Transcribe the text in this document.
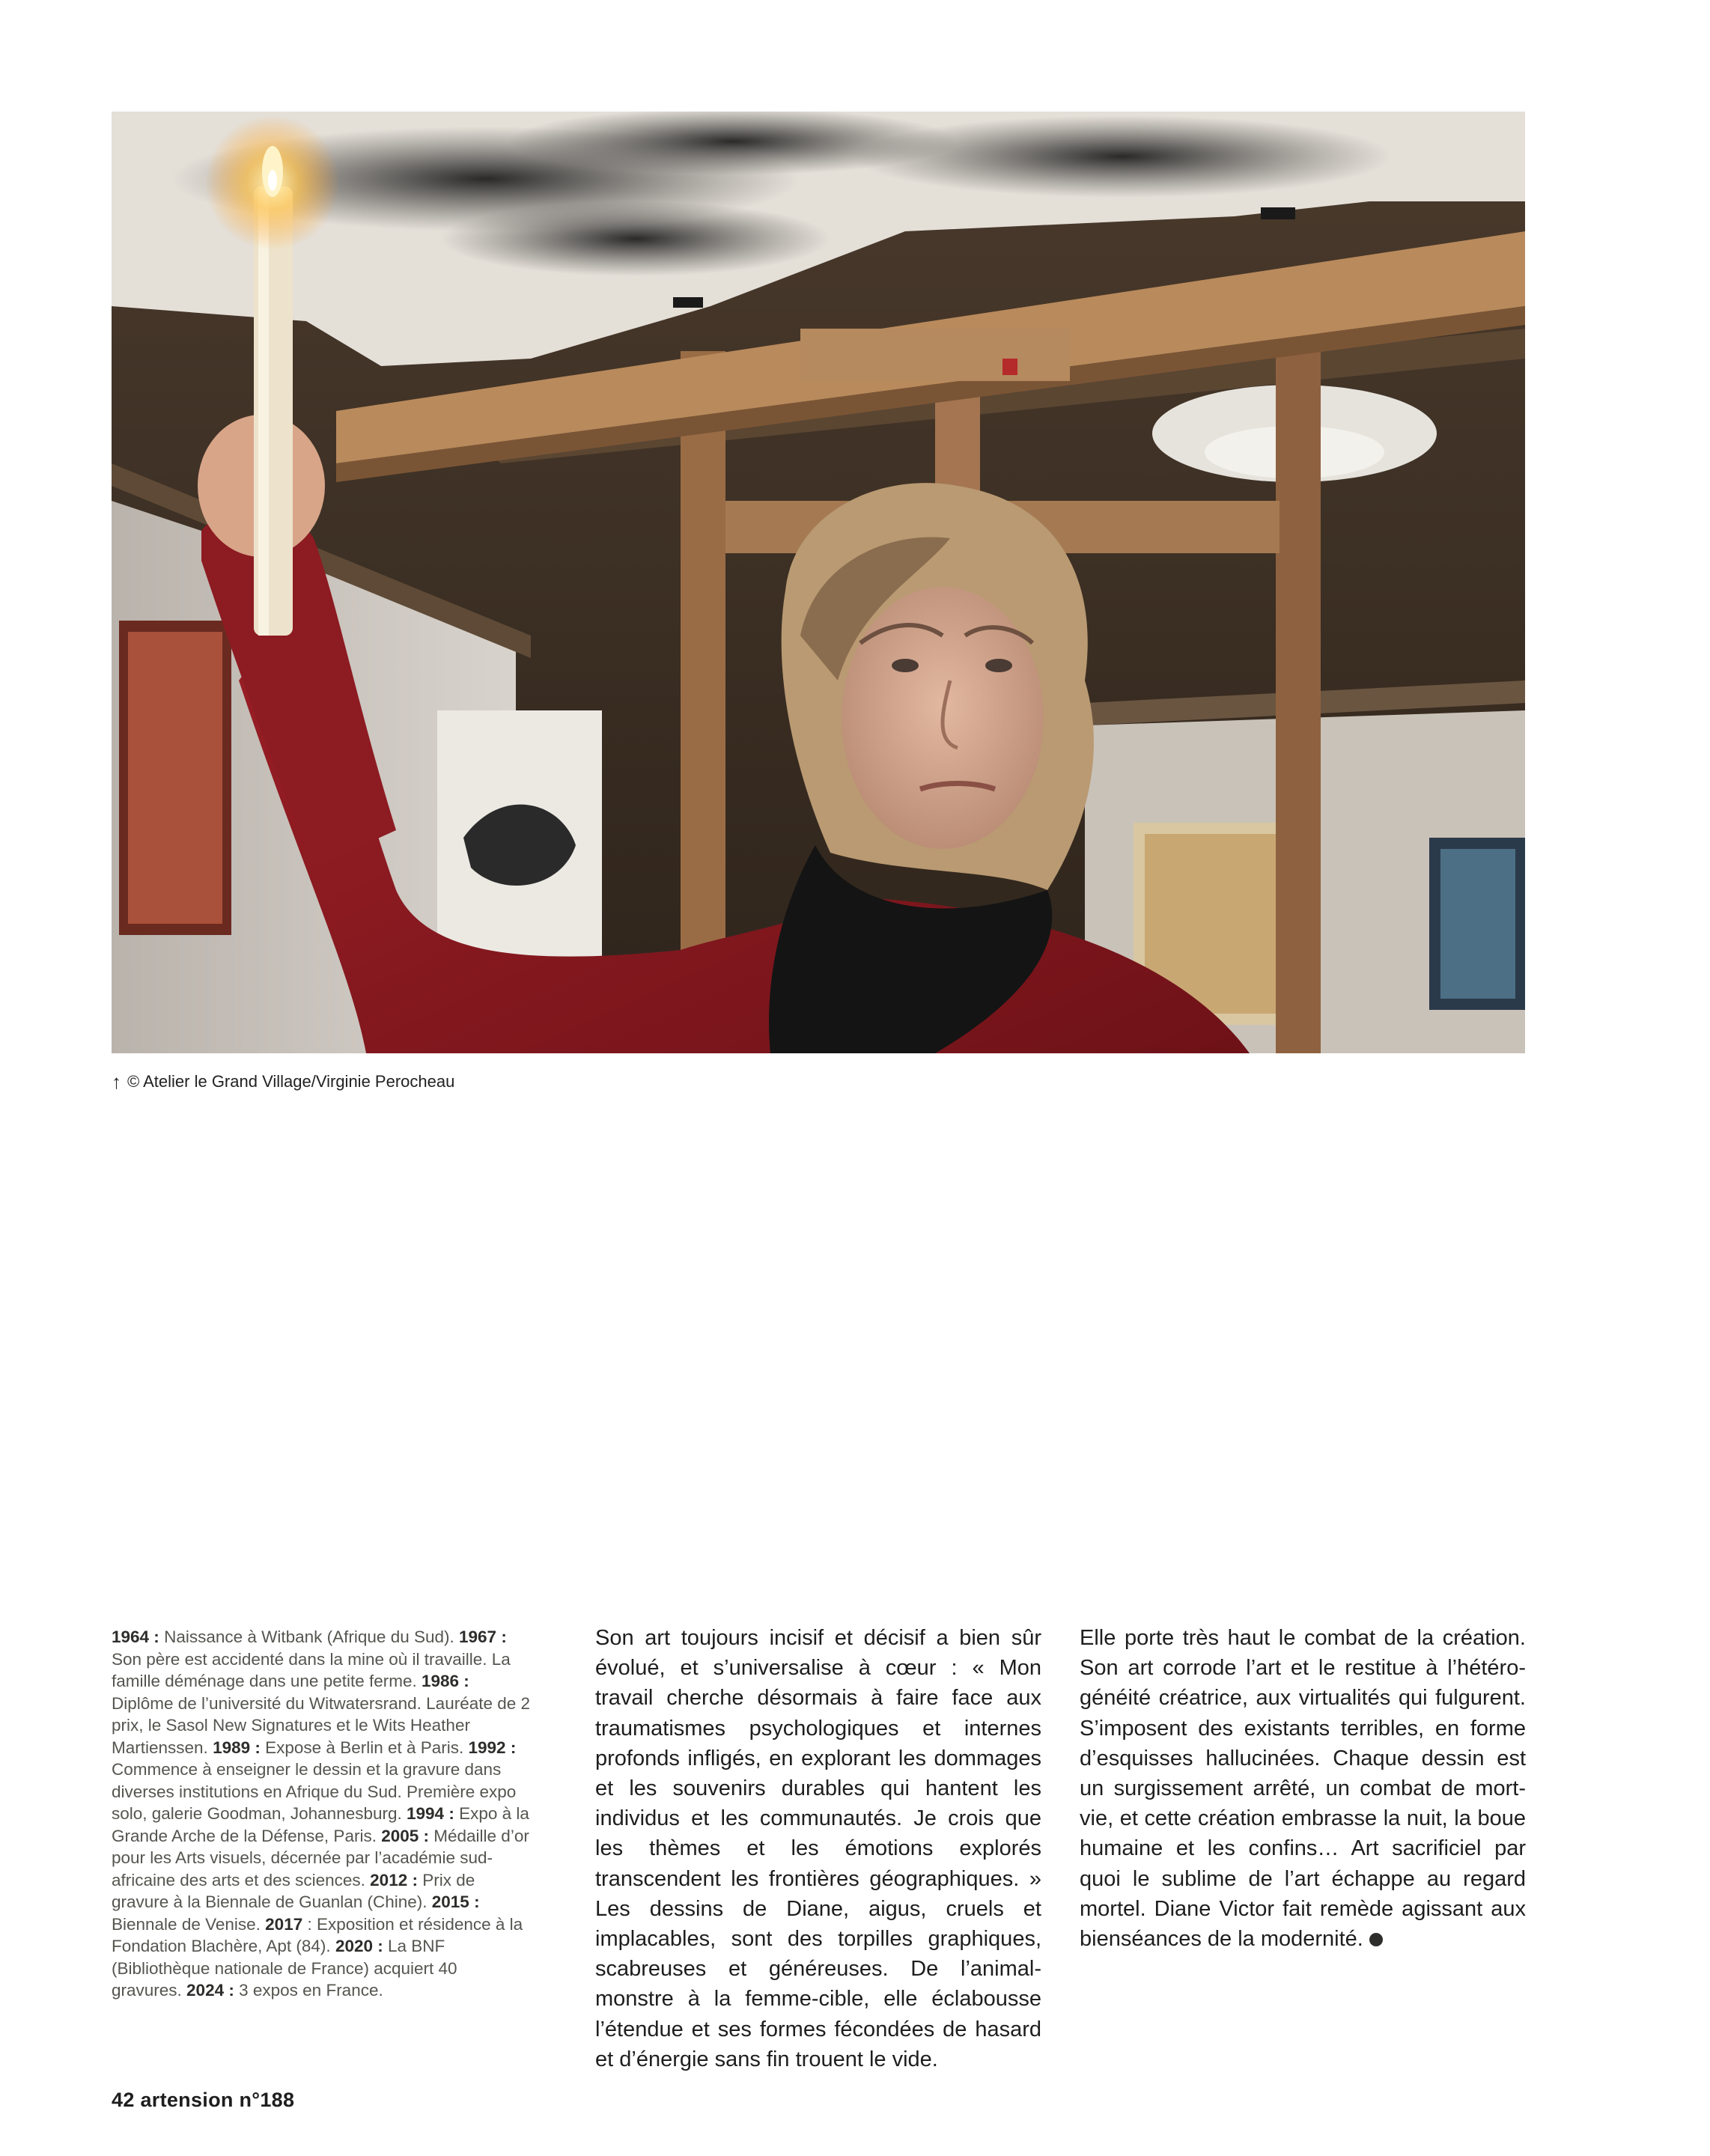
↑ © Atelier le Grand Village/Virginie Perocheau

1964 : Naissance à Witbank (Afrique du Sud). 1967 : Son père est accidenté dans la mine où il travaille. La famille déménage dans une petite ferme. 1986 : Diplôme de l’université du Witwatersrand. Lauréate de 2 prix, le Sasol New Signatures et le Wits Heather Martienssen. 1989 : Expose à Berlin et à Paris. 1992 : Commence à enseigner le dessin et la gravure dans diverses institutions en Afrique du Sud. Première expo solo, galerie Goodman, Johannesburg. 1994 : Expo à la Grande Arche de la Défense, Paris. 2005 : Médaille d’or pour les Arts visuels, décernée par l’académie sud-africaine des arts et des sciences. 2012 : Prix de gravure à la Biennale de Guanlan (Chine). 2015 : Biennale de Venise. 2017 : Exposition et résidence à la Fondation Blachère, Apt (84). 2020 : La BNF (Bibliothèque nationale de France) acquiert 40 gravures. 2024 : 3 expos en France.

Son art toujours incisif et décisif a bien sûr évolué, et s’universalise à cœur : « Mon travail cherche désormais à faire face aux traumatismes psychologiques et internes profonds infligés, en explorant les dommages et les souvenirs durables qui hantent les individus et les communautés. Je crois que les thèmes et les émotions explorés transcendent les frontières géographiques. » Les dessins de Diane, aigus, cruels et implacables, sont des torpilles graphiques, scabreuses et généreuses. De l’animal-monstre à la femme-cible, elle éclabousse l’étendue et ses formes fécondées de hasard et d’énergie sans fin trouent le vide.

Elle porte très haut le combat de la création. Son art corrode l’art et le restitue à l’hétérogénéité créatrice, aux virtualités qui fulgurent. S’imposent des existants terribles, en forme d’esquisses hallucinées. Chaque dessin est un surgissement arrêté, un combat de mort-vie, et cette création embrasse la nuit, la boue humaine et les confins… Art sacrificiel par quoi le sublime de l’art échappe au regard mortel. Diane Victor fait remède agissant aux bienséances de la modernité.

42 artension n°188
